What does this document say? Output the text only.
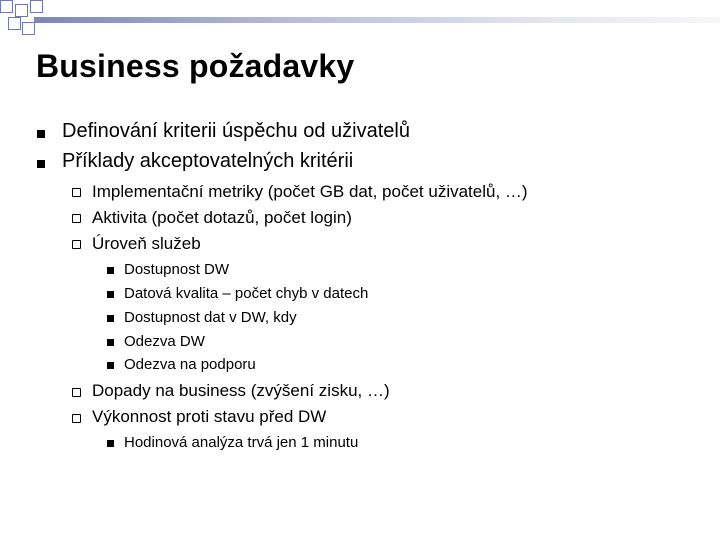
Business požadavky
Definování kriterii úspěchu od uživatelů
Příklady akceptovatelných kritérii
Implementační metriky (počet GB dat, počet uživatelů, …)
Aktivita (počet dotazů, počet login)
Úroveň služeb
Dostupnost DW
Datová kvalita – počet chyb v datech
Dostupnost dat v DW, kdy
Odezva DW
Odezva na podporu
Dopady na business (zvýšení zisku, …)
Výkonnost proti stavu před DW
Hodinová analýza trvá jen 1 minutu
